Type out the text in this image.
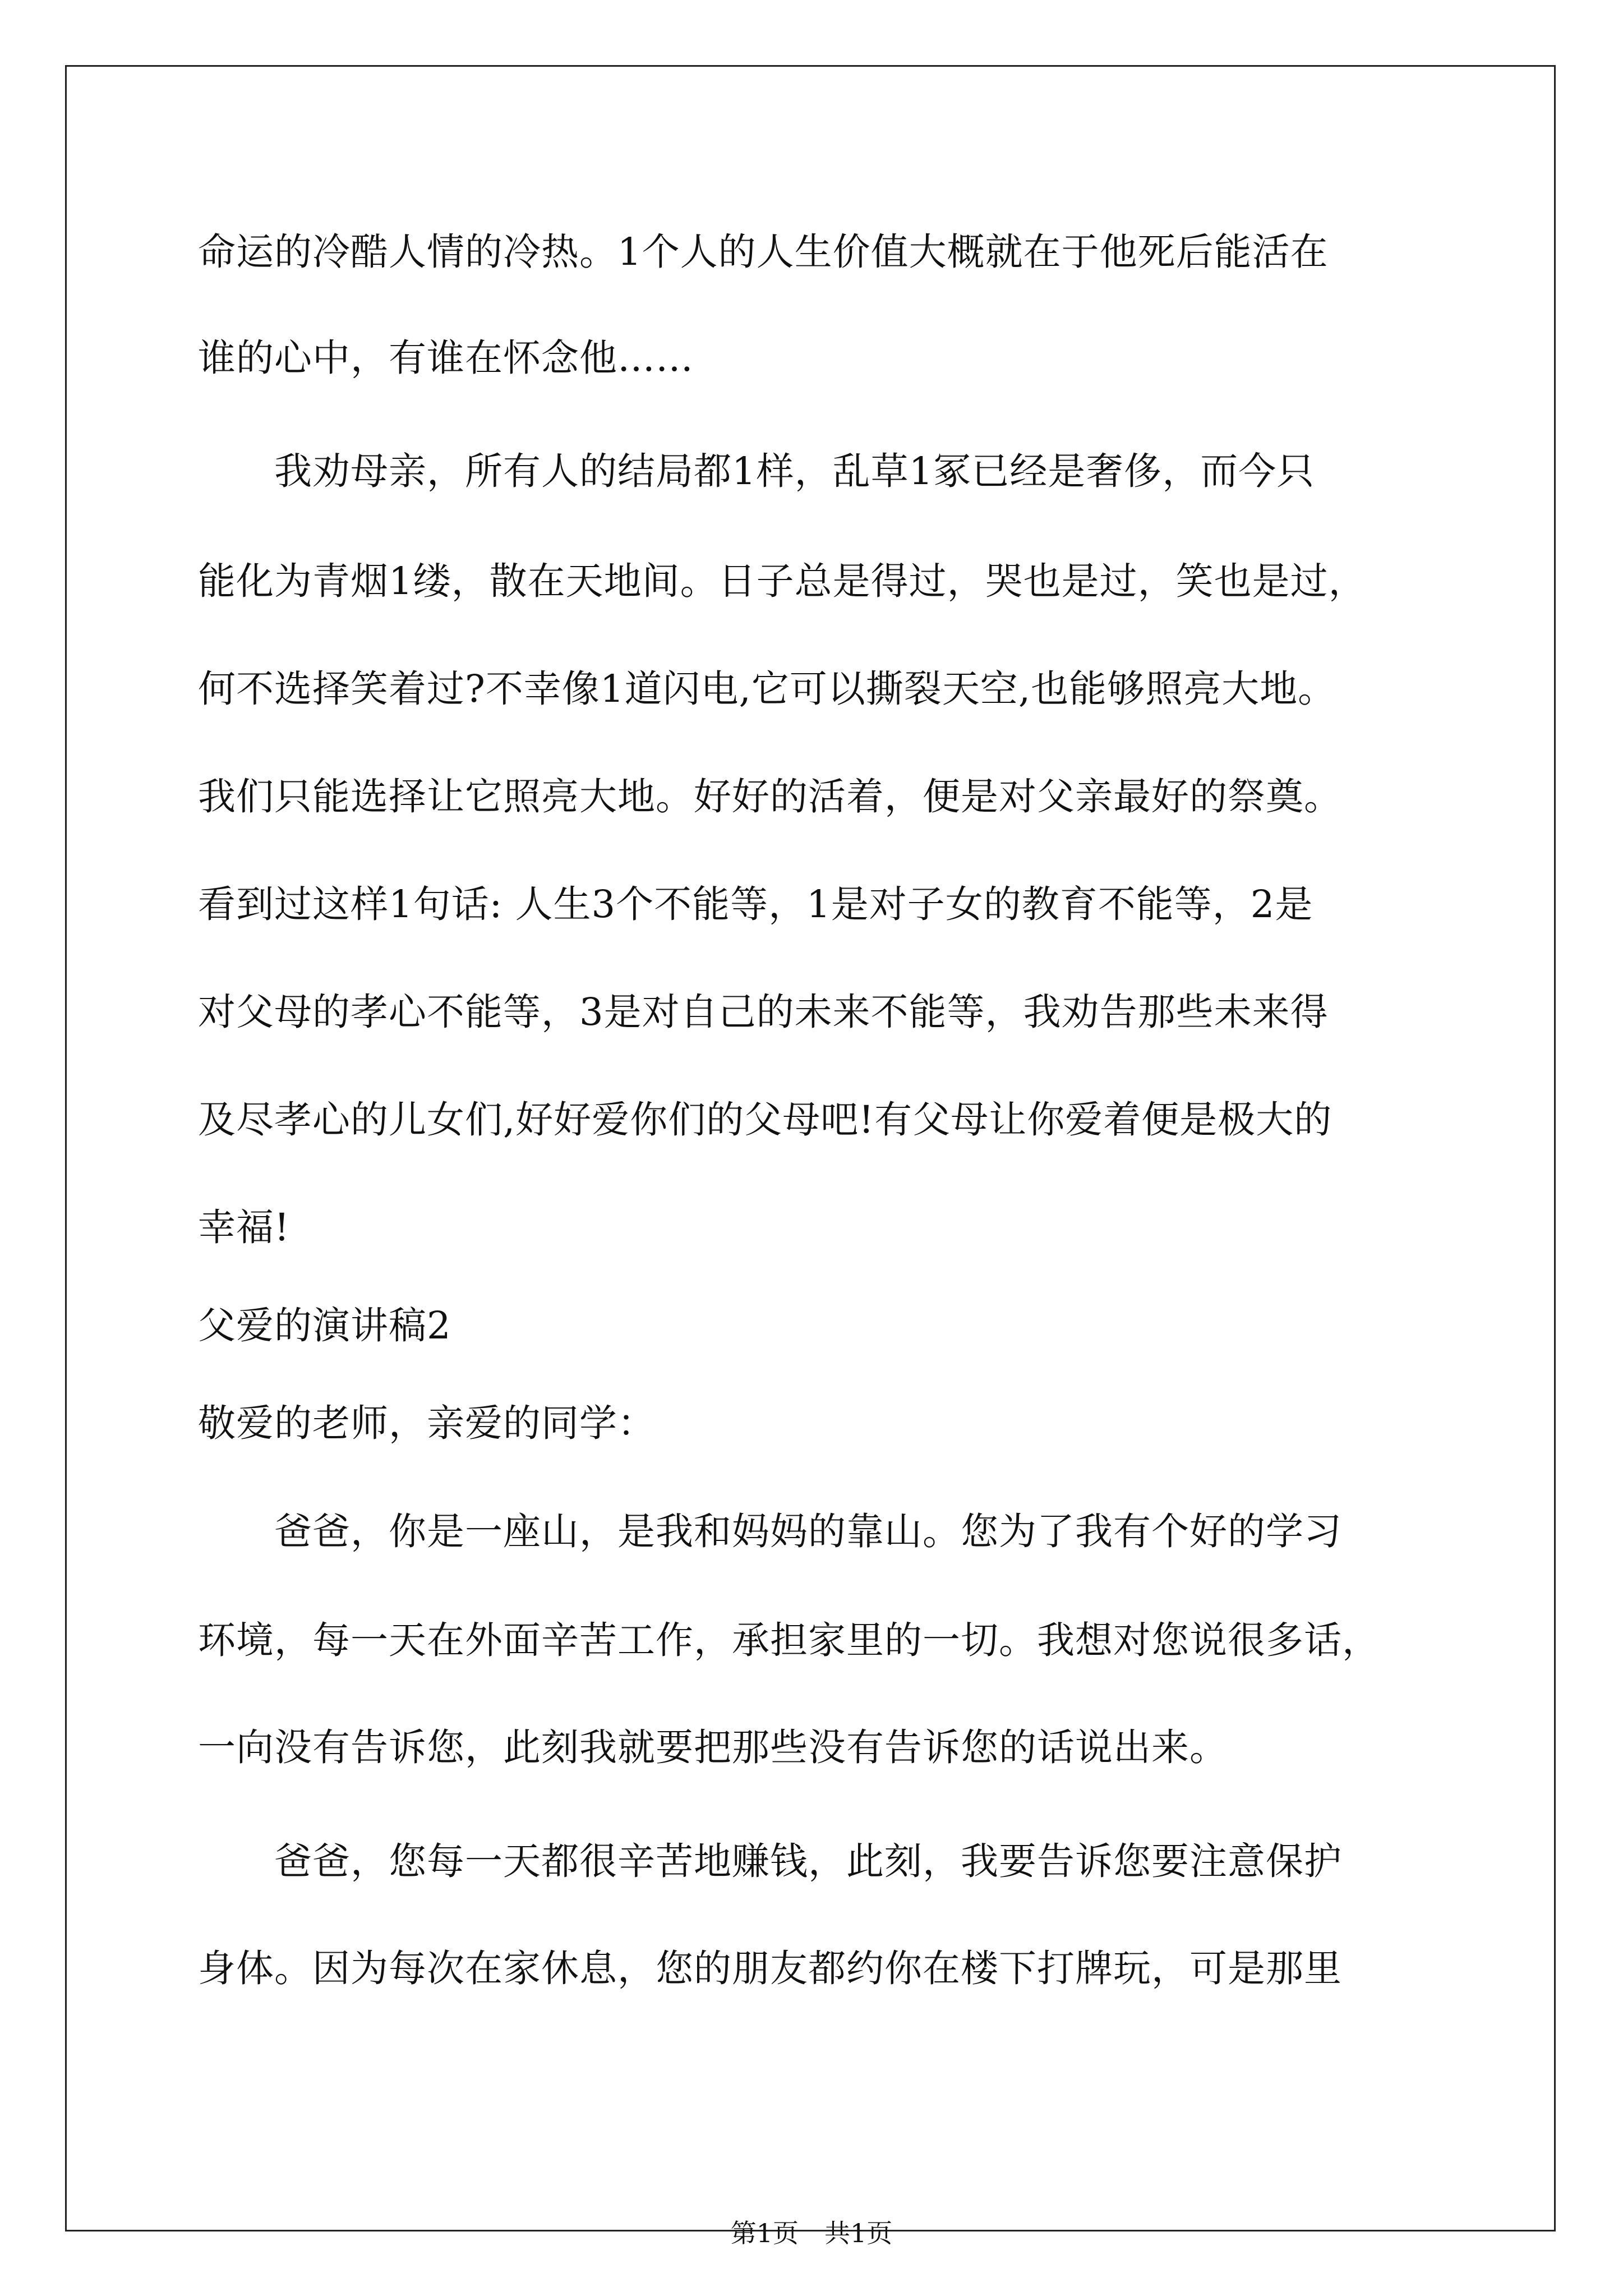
命运的冷酷人情的冷热。1个人的人生价值大概就在于他死后能活在
谁的心中，有谁在怀念他……
　　我劝母亲，所有人的结局都1样，乱草1冢已经是奢侈，而今只
能化为青烟1缕，散在天地间。日子总是得过，哭也是过，笑也是过，
何不选择笑着过?不幸像1道闪电,它可以撕裂天空,也能够照亮大地。
我们只能选择让它照亮大地。好好的活着，便是对父亲最好的祭奠。
看到过这样1句话: 人生3个不能等，1是对子女的教育不能等，2是
对父母的孝心不能等，3是对自己的未来不能等，我劝告那些未来得
及尽孝心的儿女们,好好爱你们的父母吧!有父母让你爱着便是极大的
幸福!
父爱的演讲稿2
敬爱的老师，亲爱的同学：
　　爸爸，你是一座山，是我和妈妈的靠山。您为了我有个好的学习
环境，每一天在外面辛苦工作，承担家里的一切。我想对您说很多话，
一向没有告诉您，此刻我就要把那些没有告诉您的话说出来。
　　爸爸，您每一天都很辛苦地赚钱，此刻，我要告诉您要注意保护
身体。因为每次在家休息，您的朋友都约你在楼下打牌玩，可是那里
第1页　共1页
